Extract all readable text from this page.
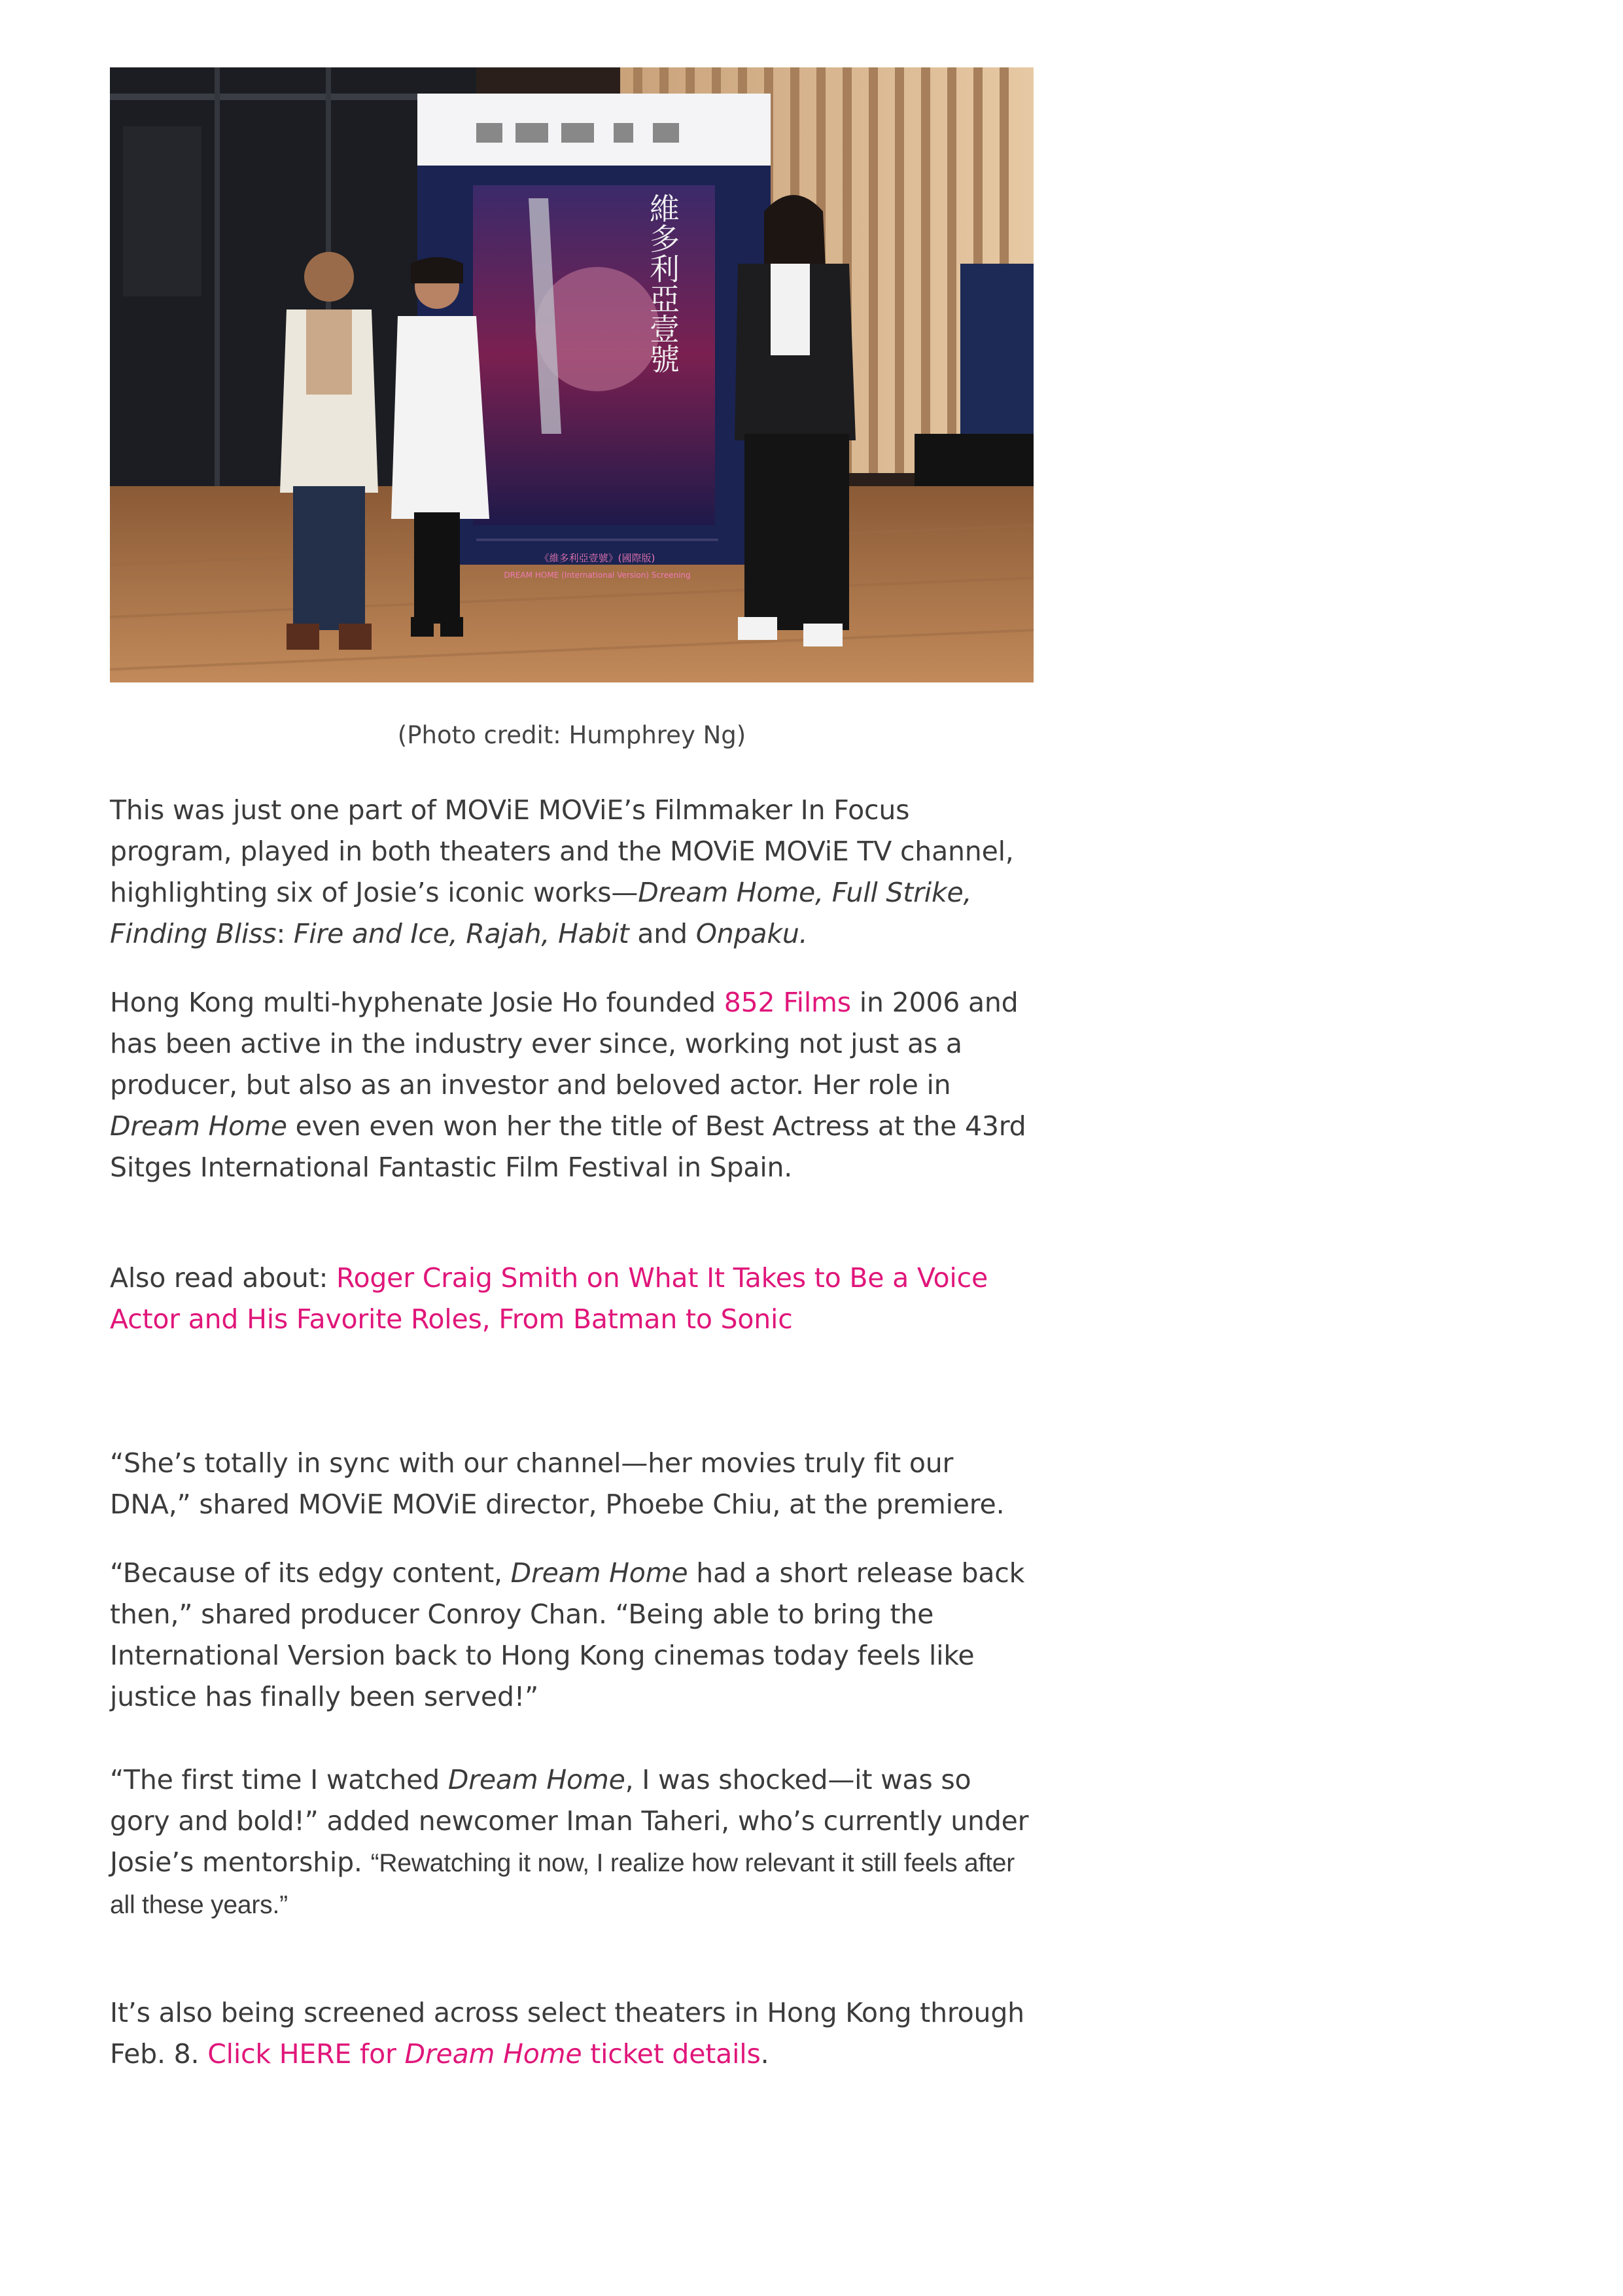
維多利亞壹號
《維多利亞壹號》(國際版)
DREAM HOME (International Version) Screening
(Photo credit: Humphrey Ng)

This was just one part of MOViE MOViE’s Filmmaker In Focus program, played in both theaters and the MOViE MOViE TV channel, highlighting six of Josie’s iconic works—Dream Home, Full Strike, Finding Bliss: Fire and Ice, Rajah, Habit and Onpaku.

Hong Kong multi-hyphenate Josie Ho founded 852 Films in 2006 and has been active in the industry ever since, working not just as a producer, but also as an investor and beloved actor. Her role in Dream Home even even won her the title of Best Actress at the 43rd Sitges International Fantastic Film Festival in Spain.

Also read about: Roger Craig Smith on What It Takes to Be a Voice Actor and His Favorite Roles, From Batman to Sonic

“She’s totally in sync with our channel—her movies truly fit our DNA,” shared MOViE MOViE director, Phoebe Chiu, at the premiere.

“Because of its edgy content, Dream Home had a short release back then,” shared producer Conroy Chan. “Being able to bring the International Version back to Hong Kong cinemas today feels like justice has finally been served!”

“The first time I watched Dream Home, I was shocked—it was so gory and bold!” added newcomer Iman Taheri, who’s currently under Josie’s mentorship. “Rewatching it now, I realize how relevant it still feels after all these years.”

It’s also being screened across select theaters in Hong Kong through Feb. 8. Click HERE for Dream Home ticket details.
